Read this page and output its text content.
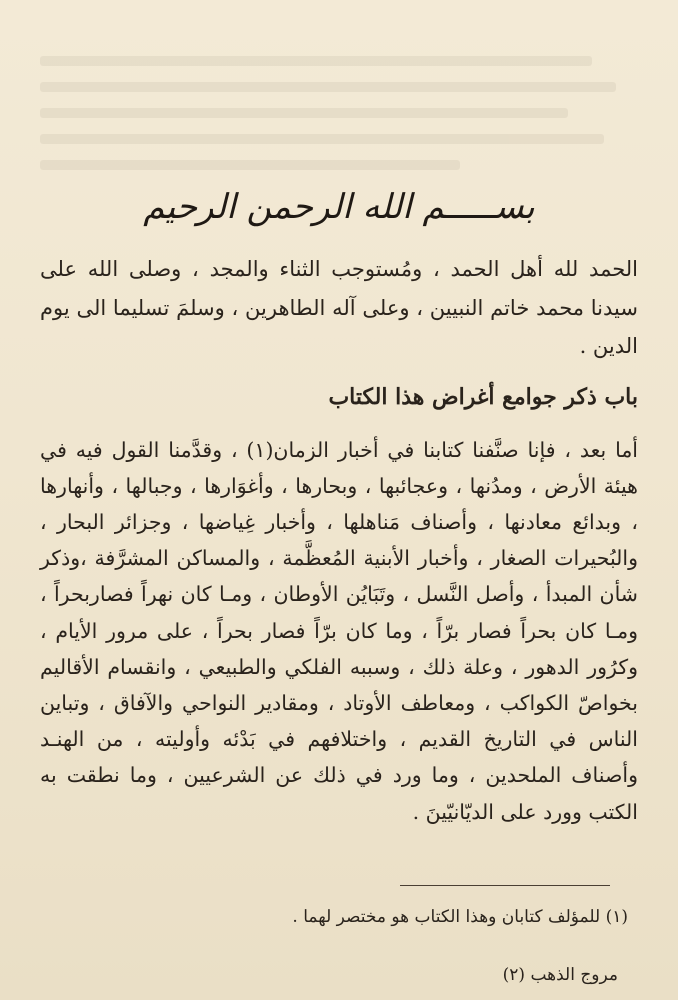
بســـــم الله الرحمن الرحيم

الحمد لله أهل الحمد ، ومُستوجب الثناء والمجد ، وصلى الله على سيدنا محمد خاتم النبيين ، وعلى آله الطاهرين ، وسلمَ تسليما الى يوم الدين .

باب ذكر جوامع أغراض هذا الكتاب

أما بعد ، فإنا صنَّفنا كتابنا في أخبار الزمان(١) ، وقدَّمنا القول فيه في هيئة الأرض ، ومدُنها ، وعجائبها ، وبحارها ، وأغوَارها ، وجبالها ، وأنهارها ، وبدائع معادنها ، وأصناف مَناهلها ، وأخبار غِياضها ، وجزائر البحار ، والبُحيرات الصغار ، وأخبار الأبنية المُعظَّمة ، والمساكن المشرَّفة ،وذكر شأن المبدأ ، وأصل النَّسل ، وتَبَايُن الأوطان ، ومـا كان نهراً فصاربحراً ، ومـا كان بحراً فصار برّاً ، وما كان برّاً فصار بحراً ، على مرور الأيام ، وكرُور الدهور ، وعلة ذلك ، وسببه الفلكي والطبيعي ، وانقسام الأقاليم بخواصّ الكواكب ، ومعاطف الأوتاد ، ومقادير النواحي والآفاق ، وتباين الناس في التاريخ القديم ، واختلافهم في بَدْئه وأوليته ، من الهنـد وأصناف الملحدين ، وما ورد في ذلك عن الشرعيين ، وما نطقت به الكتب وورد على الديّانيّينَ .

(١) للمؤلف كتابان وهذا الكتاب هو مختصر لهما .
مروج الذهب (٢)
